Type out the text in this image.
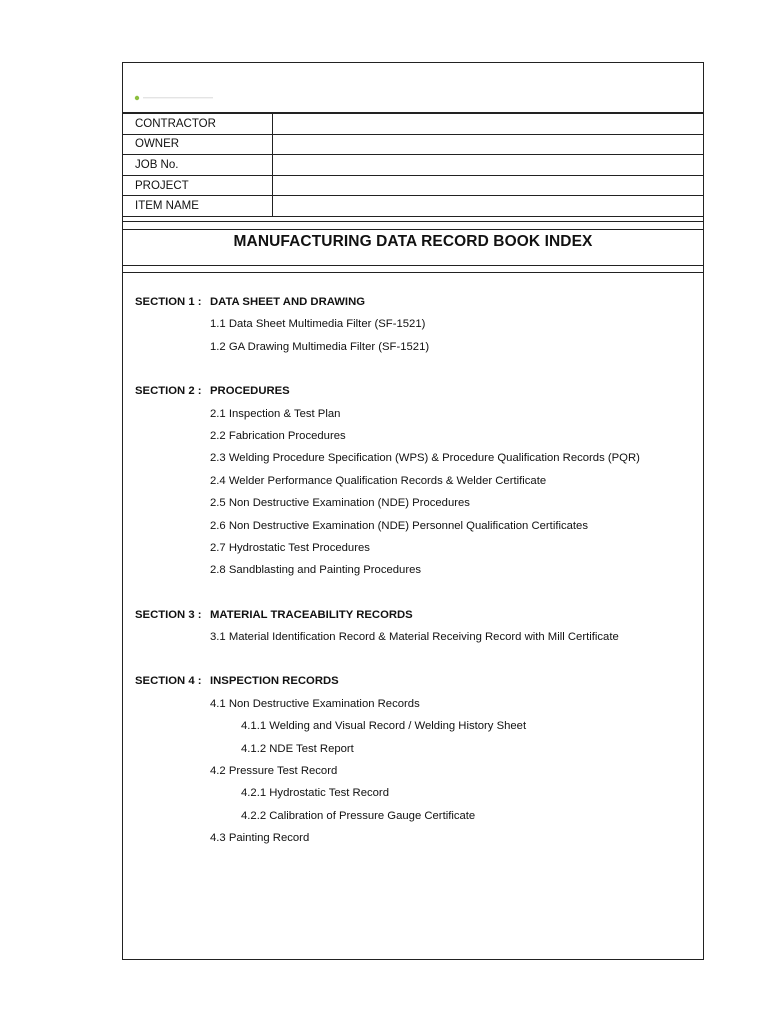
CONTRACTOR	
OWNER	
JOB No.	
PROJECT	
ITEM NAME	
MANUFACTURING DATA RECORD BOOK INDEX
SECTION 1 : DATA SHEET AND DRAWING
1.1 Data Sheet Multimedia Filter (SF-1521)
1.2 GA Drawing Multimedia Filter (SF-1521)
SECTION 2 : PROCEDURES
2.1 Inspection & Test Plan
2.2 Fabrication Procedures
2.3 Welding Procedure Specification (WPS) & Procedure Qualification Records (PQR)
2.4 Welder Performance Qualification Records & Welder Certificate
2.5 Non Destructive Examination (NDE) Procedures
2.6 Non Destructive Examination (NDE) Personnel Qualification Certificates
2.7 Hydrostatic Test Procedures
2.8 Sandblasting and Painting Procedures
SECTION 3 : MATERIAL TRACEABILITY RECORDS
3.1 Material Identification Record & Material Receiving Record with Mill Certificate
SECTION 4 : INSPECTION RECORDS
4.1 Non Destructive Examination Records
4.1.1 Welding and Visual Record / Welding History Sheet
4.1.2 NDE Test Report
4.2 Pressure Test Record
4.2.1 Hydrostatic Test Record
4.2.2 Calibration of Pressure Gauge Certificate
4.3 Painting Record
